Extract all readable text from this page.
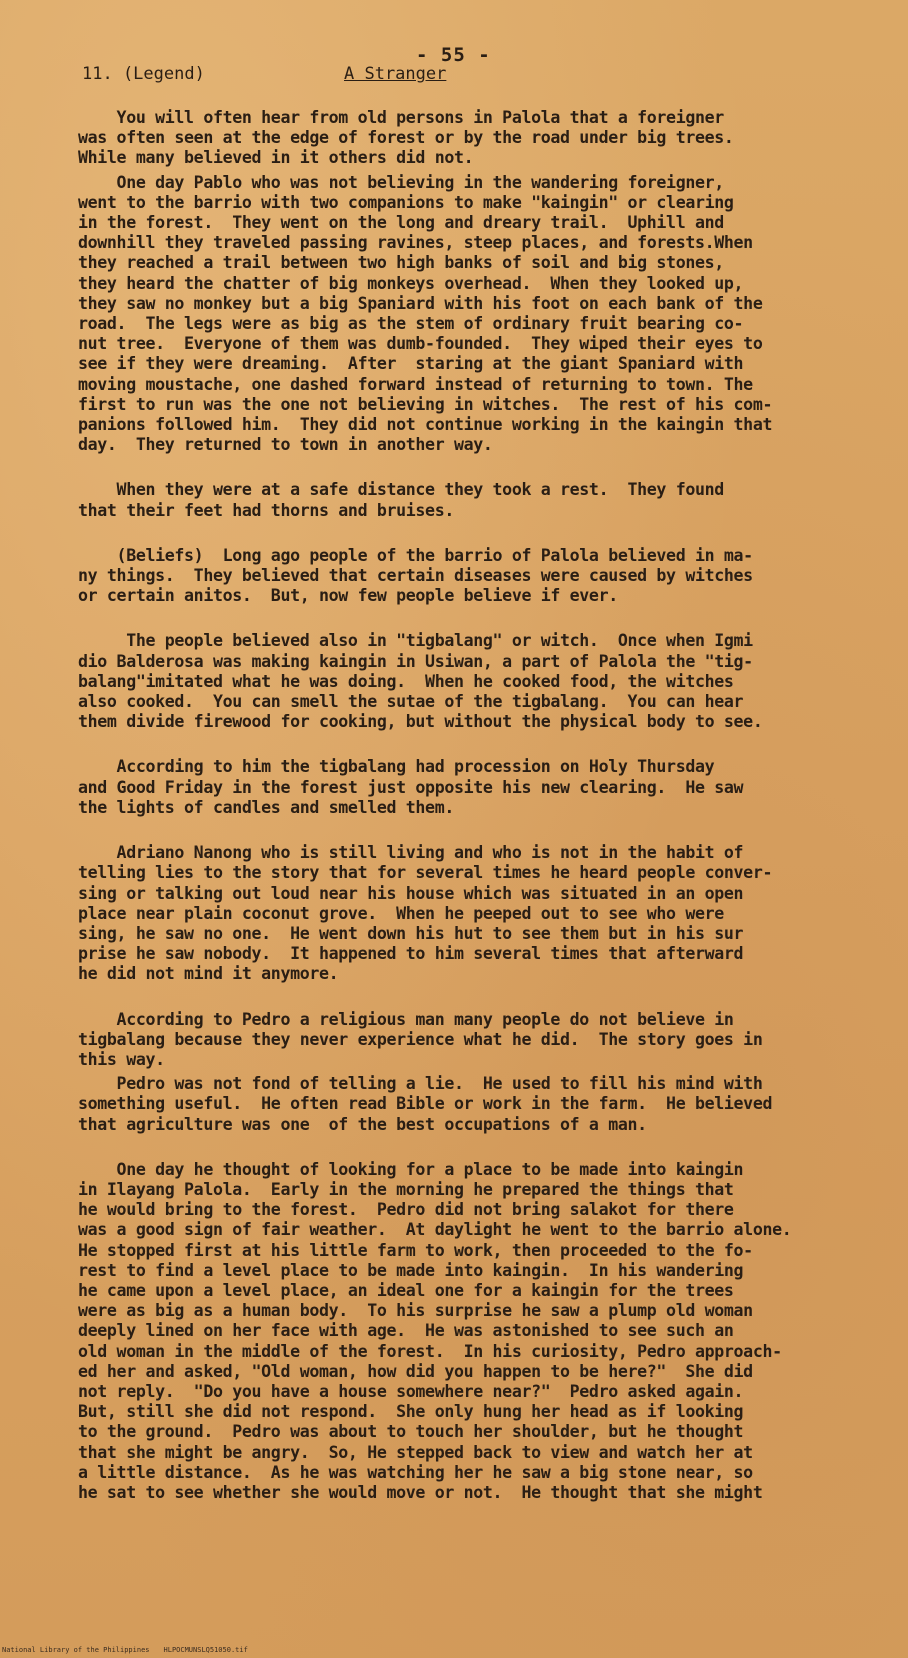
- 55 -
11. (Legend)	A Stranger

You will often hear from old persons in Palola that a foreigner

was often seen at the edge of forest or by the road under big trees.

While many believed in it others did not.

One day Pablo who was not believing in the wandering foreigner,

went to the barrio with two companions to make "kaingin" or clearing

in the forest.  They went on the long and dreary trail.  Uphill and

downhill they traveled passing ravines, steep places, and forests.When

they reached a trail between two high banks of soil and big stones,

they heard the chatter of big monkeys overhead.  When they looked up,

they saw no monkey but a big Spaniard with his foot on each bank of the

road.  The legs were as big as the stem of ordinary fruit bearing co-

nut tree.  Everyone of them was dumb-founded.  They wiped their eyes to

see if they were dreaming.  After  staring at the giant Spaniard with

moving moustache, one dashed forward instead of returning to town. The

first to run was the one not believing in witches.  The rest of his com-

panions followed him.  They did not continue working in the kaingin that

day.  They returned to town in another way.

When they were at a safe distance they took a rest.  They found

that their feet had thorns and bruises.

(Beliefs)  Long ago people of the barrio of Palola believed in ma-

ny things.  They believed that certain diseases were caused by witches

or certain anitos.  But, now few people believe if ever.

The people believed also in "tigbalang" or witch.  Once when Igmi

dio Balderosa was making kaingin in Usiwan, a part of Palola the "tig-

balang"imitated what he was doing.  When he cooked food, the witches

also cooked.  You can smell the sutae of the tigbalang.  You can hear

them divide firewood for cooking, but without the physical body to see.

According to him the tigbalang had procession on Holy Thursday

and Good Friday in the forest just opposite his new clearing.  He saw

the lights of candles and smelled them.

Adriano Nanong who is still living and who is not in the habit of

telling lies to the story that for several times he heard people conver-

sing or talking out loud near his house which was situated in an open

place near plain coconut grove.  When he peeped out to see who were

sing, he saw no one.  He went down his hut to see them but in his sur

prise he saw nobody.  It happened to him several times that afterward

he did not mind it anymore.

According to Pedro a religious man many people do not believe in

tigbalang because they never experience what he did.  The story goes in

this way.

Pedro was not fond of telling a lie.  He used to fill his mind with

something useful.  He often read Bible or work in the farm.  He believed

that agriculture was one  of the best occupations of a man.

One day he thought of looking for a place to be made into kaingin

in Ilayang Palola.  Early in the morning he prepared the things that

he would bring to the forest.  Pedro did not bring salakot for there

was a good sign of fair weather.  At daylight he went to the barrio alone.

He stopped first at his little farm to work, then proceeded to the fo-

rest to find a level place to be made into kaingin.  In his wandering

he came upon a level place, an ideal one for a kaingin for the trees

were as big as a human body.  To his surprise he saw a plump old woman

deeply lined on her face with age.  He was astonished to see such an

old woman in the middle of the forest.  In his curiosity, Pedro approach-

ed her and asked, "Old woman, how did you happen to be here?"  She did

not reply.  "Do you have a house somewhere near?"  Pedro asked again.

But, still she did not respond.  She only hung her head as if looking

to the ground.  Pedro was about to touch her shoulder, but he thought

that she might be angry.  So, He stepped back to view and watch her at

a little distance.  As he was watching her he saw a big stone near, so

he sat to see whether she would move or not.  He thought that she might

National Library of the Philippines HLPOCMUNSLQ51050.tif
